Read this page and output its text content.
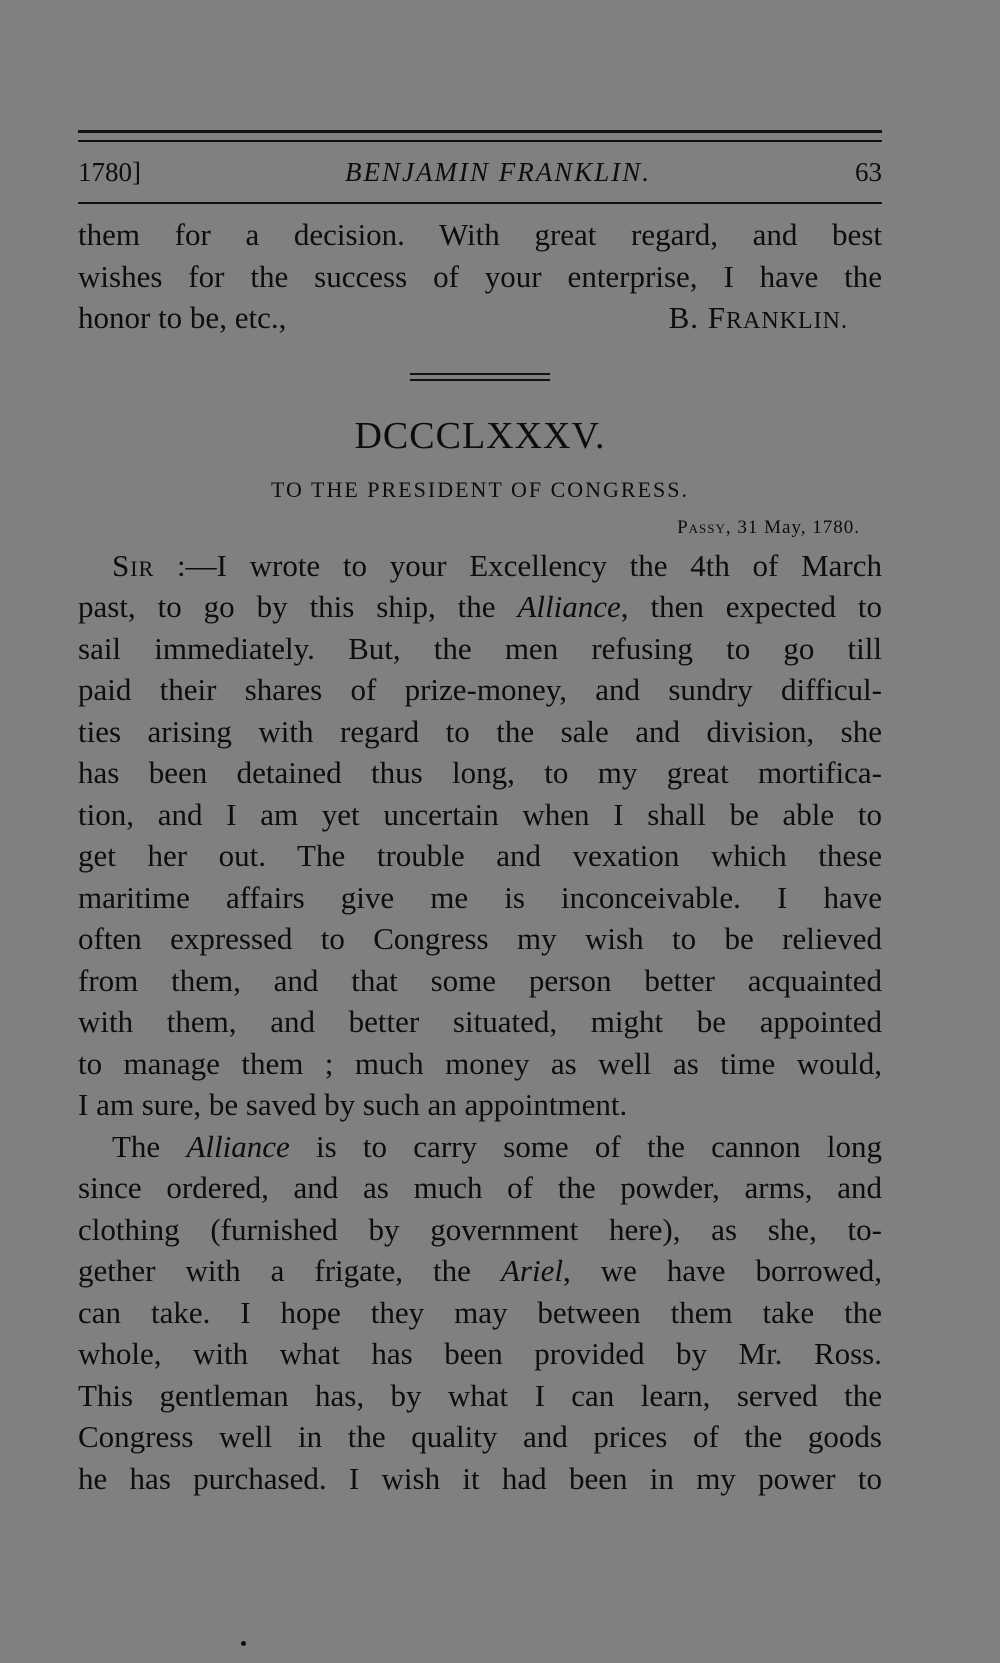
1780]	BENJAMIN FRANKLIN.	63
them for a decision. With great regard, and best
wishes for the success of your enterprise, I have the
honor to be, etc.,	B. FRANKLIN.
DCCCLXXXV.
TO THE PRESIDENT OF CONGRESS.
Passy, 31 May, 1780.
Sir :—I wrote to your Excellency the 4th of March
past, to go by this ship, the Alliance, then expected to
sail immediately. But, the men refusing to go till
paid their shares of prize-money, and sundry difficul-
ties arising with regard to the sale and division, she
has been detained thus long, to my great mortifica-
tion, and I am yet uncertain when I shall be able to
get her out. The trouble and vexation which these
maritime affairs give me is inconceivable. I have
often expressed to Congress my wish to be relieved
from them, and that some person better acquainted
with them, and better situated, might be appointed
to manage them ; much money as well as time would,
I am sure, be saved by such an appointment.
The Alliance is to carry some of the cannon long
since ordered, and as much of the powder, arms, and
clothing (furnished by government here), as she, to-
gether with a frigate, the Ariel, we have borrowed,
can take. I hope they may between them take the
whole, with what has been provided by Mr. Ross.
This gentleman has, by what I can learn, served the
Congress well in the quality and prices of the goods
he has purchased. I wish it had been in my power to
